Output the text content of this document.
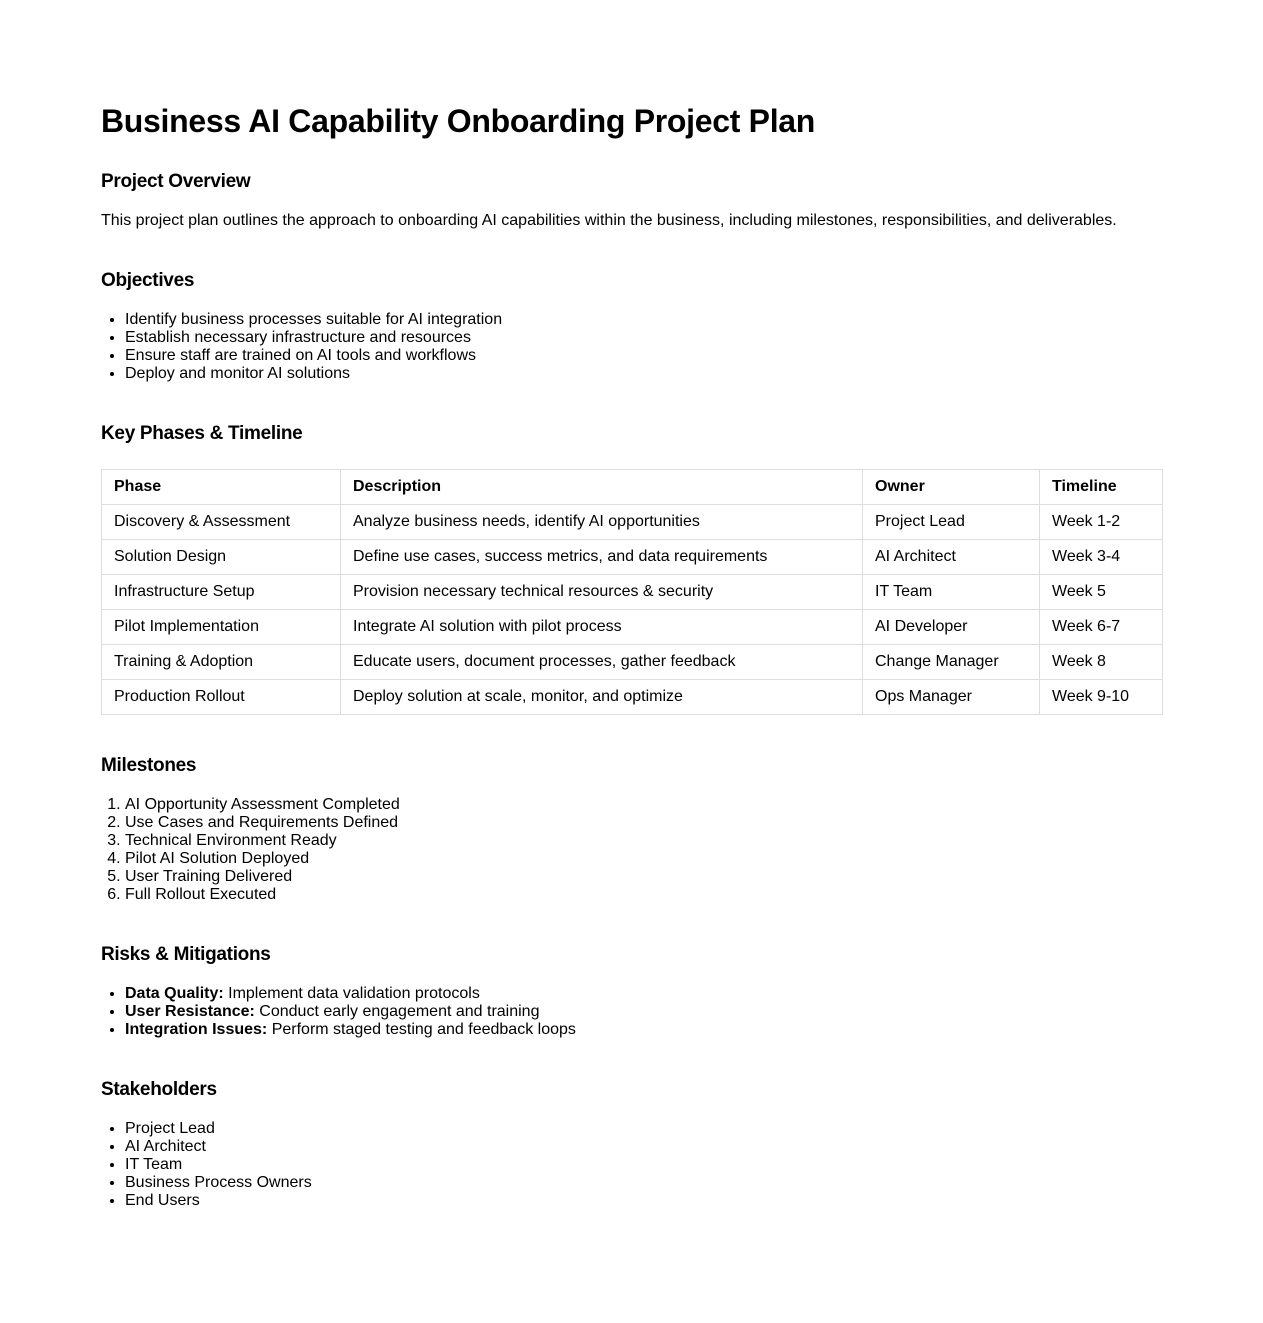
Business AI Capability Onboarding Project Plan
Project Overview

This project plan outlines the approach to onboarding AI capabilities within the business, including milestones, responsibilities, and deliverables.

Objectives
• Identify business processes suitable for AI integration
• Establish necessary infrastructure and resources
• Ensure staff are trained on AI tools and workflows
• Deploy and monitor AI solutions
Key Phases & Timeline
Phase	Description	Owner	Timeline
Discovery & Assessment	Analyze business needs, identify AI opportunities	Project Lead	Week 1-2
Solution Design	Define use cases, success metrics, and data requirements	AI Architect	Week 3-4
Infrastructure Setup	Provision necessary technical resources & security	IT Team	Week 5
Pilot Implementation	Integrate AI solution with pilot process	AI Developer	Week 6-7
Training & Adoption	Educate users, document processes, gather feedback	Change Manager	Week 8
Production Rollout	Deploy solution at scale, monitor, and optimize	Ops Manager	Week 9-10
Milestones
1. AI Opportunity Assessment Completed
2. Use Cases and Requirements Defined
3. Technical Environment Ready
4. Pilot AI Solution Deployed
5. User Training Delivered
6. Full Rollout Executed
Risks & Mitigations
• Data Quality: Implement data validation protocols
• User Resistance: Conduct early engagement and training
• Integration Issues: Perform staged testing and feedback loops
Stakeholders
• Project Lead
• AI Architect
• IT Team
• Business Process Owners
• End Users
